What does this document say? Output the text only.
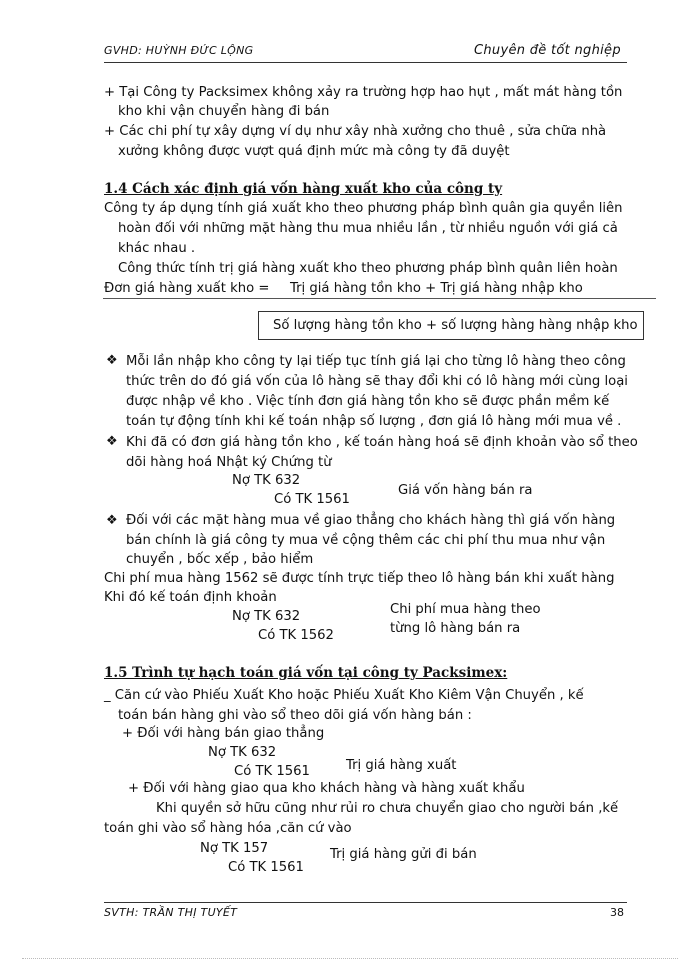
GVHD: HUỲNH ĐỨC LỘNG	Chuyên đề tốt nghiệp
+ Tại Công ty Packsimex không xảy ra trường hợp hao hụt , mất mát hàng tồn
kho khi vận chuyển hàng đi bán
+ Các chi phí tự xây dựng ví dụ như xây nhà xưởng cho thuê , sửa chữa nhà
xưởng không được vượt quá định mức mà công ty đã duyệt
1.4 Cách xác định giá vốn hàng xuất kho của công ty
Công ty áp dụng tính giá xuất kho theo phương pháp bình quân gia quyền liên
hoàn đối với những mặt hàng thu mua nhiều lần , từ nhiều nguồn với giá cả
khác nhau .
Công thức tính trị giá hàng xuất kho theo phương pháp bình quân liên hoàn
Đơn giá hàng xuất kho = Trị giá hàng tồn kho + Trị giá hàng nhập kho
Số lượng hàng tồn kho + số lượng hàng hàng nhập kho
❖ Mỗi lần nhập kho công ty lại tiếp tục tính giá lại cho từng lô hàng theo công
thức trên do đó giá vốn của lô hàng sẽ thay đổi khi có lô hàng mới cùng loại
được nhập về kho . Việc tính đơn giá hàng tồn kho sẽ được phần mềm kế
toán tự động tính khi kế toán nhập số lượng , đơn giá lô hàng mới mua về .
❖ Khi đã có đơn giá hàng tồn kho , kế toán hàng hoá sẽ định khoản vào sổ theo
dõi hàng hoá Nhật ký Chứng từ
Nợ TK 632
Có TK 1561
Giá vốn hàng bán ra
❖ Đối với các mặt hàng mua về giao thẳng cho khách hàng thì giá vốn hàng
bán chính là giá công ty mua về cộng thêm các chi phí thu mua như vận
chuyển , bốc xếp , bảo hiểm
Chi phí mua hàng 1562 sẽ được tính trực tiếp theo lô hàng bán khi xuất hàng
Khi đó kế toán định khoản
Nợ TK 632
Có TK 1562
Chi phí mua hàng theo
từng lô hàng bán ra
1.5 Trình tự hạch toán giá vốn tại công ty Packsimex:
_ Căn cứ vào Phiếu Xuất Kho hoặc Phiếu Xuất Kho Kiêm Vận Chuyển , kế
toán bán hàng ghi vào sổ theo dõi giá vốn hàng bán :
+ Đối với hàng bán giao thẳng
Nợ TK 632
Có TK 1561	Trị giá hàng xuất
+ Đối với hàng giao qua kho khách hàng và hàng xuất khẩu
Khi quyền sở hữu cũng như rủi ro chưa chuyển giao cho người bán ,kế
toán ghi vào sổ hàng hóa ,căn cứ vào
Nợ TK 157
Có TK 1561
Trị giá hàng gửi đi bán
SVTH: TRẦN THỊ TUYẾT	38
